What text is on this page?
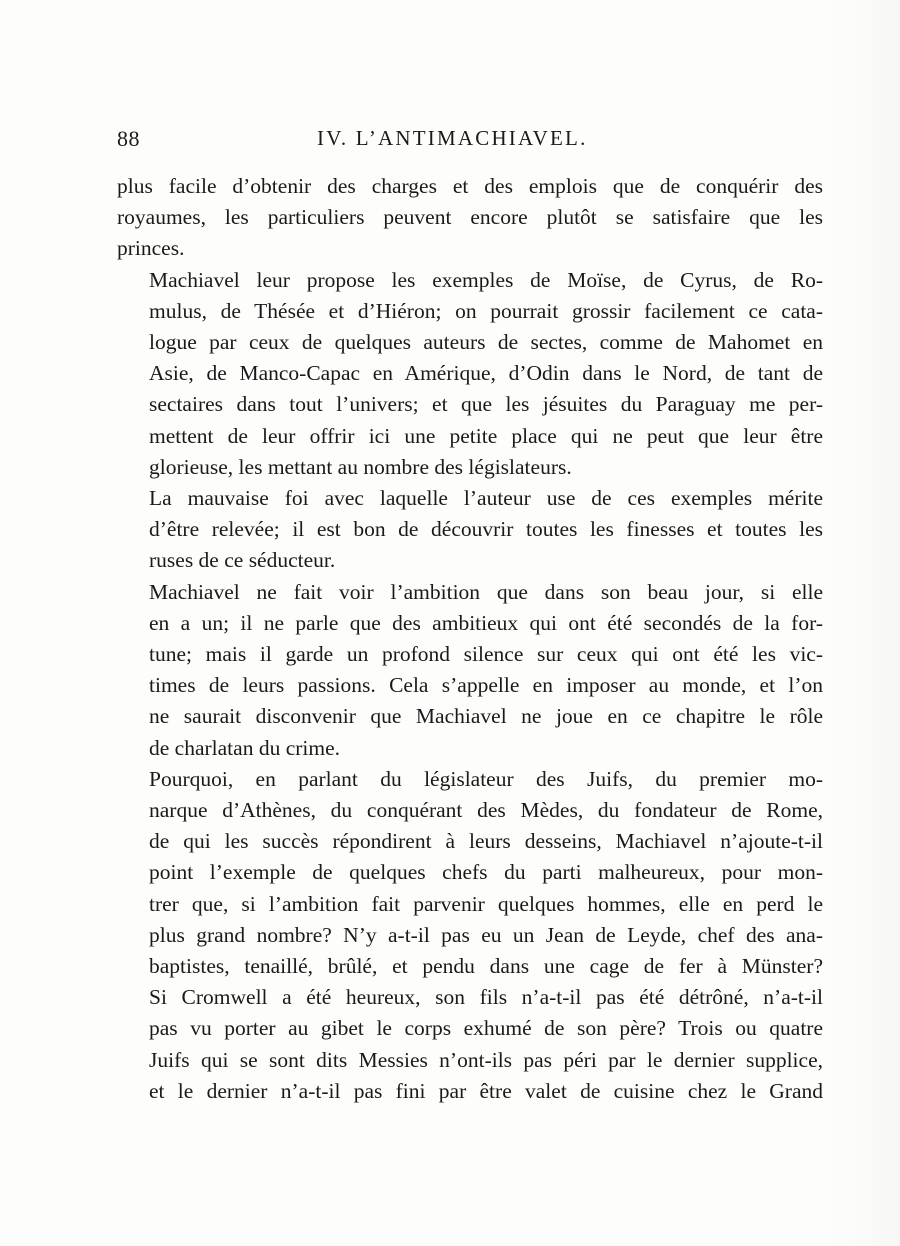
88	IV. L’ANTIMACHIAVEL.

plus facile d’obtenir des charges et des emplois que de conquérir des
royaumes, les particuliers peuvent encore plutôt se satisfaire que les
princes.

Machiavel leur propose les exemples de Moïse, de Cyrus, de Ro-
mulus, de Thésée et d’Hiéron; on pourrait grossir facilement ce cata-
logue par ceux de quelques auteurs de sectes, comme de Mahomet en
Asie, de Manco-Capac en Amérique, d’Odin dans le Nord, de tant de
sectaires dans tout l’univers; et que les jésuites du Paraguay me per-
mettent de leur offrir ici une petite place qui ne peut que leur être
glorieuse, les mettant au nombre des législateurs.

La mauvaise foi avec laquelle l’auteur use de ces exemples mérite
d’être relevée; il est bon de découvrir toutes les finesses et toutes les
ruses de ce séducteur.

Machiavel ne fait voir l’ambition que dans son beau jour, si elle
en a un; il ne parle que des ambitieux qui ont été secondés de la for-
tune; mais il garde un profond silence sur ceux qui ont été les vic-
times de leurs passions. Cela s’appelle en imposer au monde, et l’on
ne saurait disconvenir que Machiavel ne joue en ce chapitre le rôle
de charlatan du crime.

Pourquoi, en parlant du législateur des Juifs, du premier mo-
narque d’Athènes, du conquérant des Mèdes, du fondateur de Rome,
de qui les succès répondirent à leurs desseins, Machiavel n’ajoute-t-il
point l’exemple de quelques chefs du parti malheureux, pour mon-
trer que, si l’ambition fait parvenir quelques hommes, elle en perd le
plus grand nombre? N’y a-t-il pas eu un Jean de Leyde, chef des ana-
baptistes, tenaillé, brûlé, et pendu dans une cage de fer à Münster?
Si Cromwell a été heureux, son fils n’a-t-il pas été détrôné, n’a-t-il
pas vu porter au gibet le corps exhumé de son père? Trois ou quatre
Juifs qui se sont dits Messies n’ont-ils pas péri par le dernier supplice,
et le dernier n’a-t-il pas fini par être valet de cuisine chez le Grand
